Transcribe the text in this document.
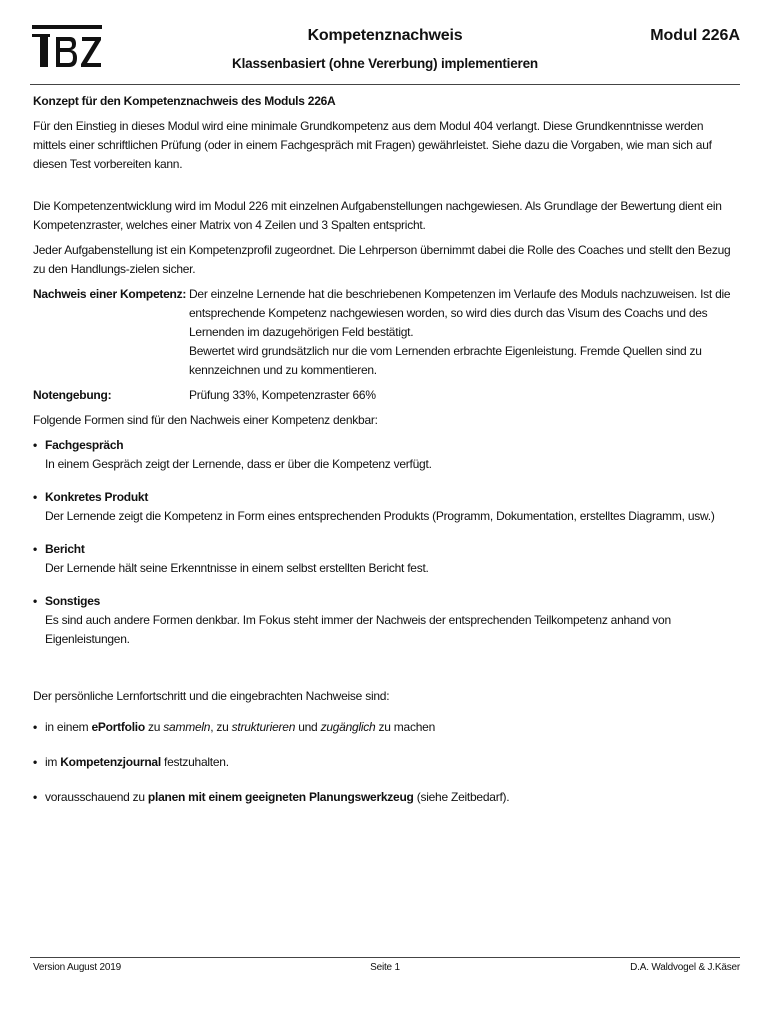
Kompetenznachweis	Modul 226A
Klassenbasiert (ohne Vererbung) implementieren

Konzept für den Kompetenznachweis des Moduls 226A

Für den Einstieg in dieses Modul wird eine minimale Grundkompetenz aus dem Modul 404 verlangt. Diese Grundkenntnisse werden mittels einer schriftlichen Prüfung (oder in einem Fachgespräch mit Fragen) gewährleistet. Siehe dazu die Vorgaben, wie man sich auf diesen Test vorbereiten kann.

Die Kompetenzentwicklung wird im Modul 226 mit einzelnen Aufgabenstellungen nachgewiesen. Als Grundlage der Bewertung dient ein Kompetenzraster, welches einer Matrix von 4 Zeilen und 3 Spalten entspricht.

Jeder Aufgabenstellung ist ein Kompetenzprofil zugeordnet. Die Lehrperson übernimmt dabei die Rolle des Coaches und stellt den Bezug zu den Handlungs-zielen sicher.

Nachweis einer Kompetenz: Der einzelne Lernende hat die beschriebenen Kompetenzen im Verlaufe des Moduls nachzuweisen. Ist die entsprechende Kompetenz nachgewiesen worden, so wird dies durch das Visum des Coachs und des Lernenden im dazugehörigen Feld bestätigt.

Bewertet wird grundsätzlich nur die vom Lernenden erbrachte Eigenleistung. Fremde Quellen sind zu kennzeichnen und zu kommentieren.

Notengebung:	Prüfung 33%, Kompetenzraster 66%

Folgende Formen sind für den Nachweis einer Kompetenz denkbar:

• Fachgespräch
In einem Gespräch zeigt der Lernende, dass er über die Kompetenz verfügt.
• Konkretes Produkt
Der Lernende zeigt die Kompetenz in Form eines entsprechenden Produkts (Programm, Dokumentation, erstelltes Diagramm, usw.)
• Bericht
Der Lernende hält seine Erkenntnisse in einem selbst erstellten Bericht fest.
• Sonstiges
Es sind auch andere Formen denkbar. Im Fokus steht immer der Nachweis der entsprechenden Teilkompetenz anhand von Eigenleistungen.

Der persönliche Lernfortschritt und die eingebrachten Nachweise sind:

• in einem ePortfolio zu sammeln, zu strukturieren und zugänglich zu machen
• im Kompetenzjournal festzuhalten.
• vorausschauend zu planen mit einem geeigneten Planungswerkzeug (siehe Zeitbedarf).
Version August 2019	Seite 1	D.A. Waldvogel & J.Käser
